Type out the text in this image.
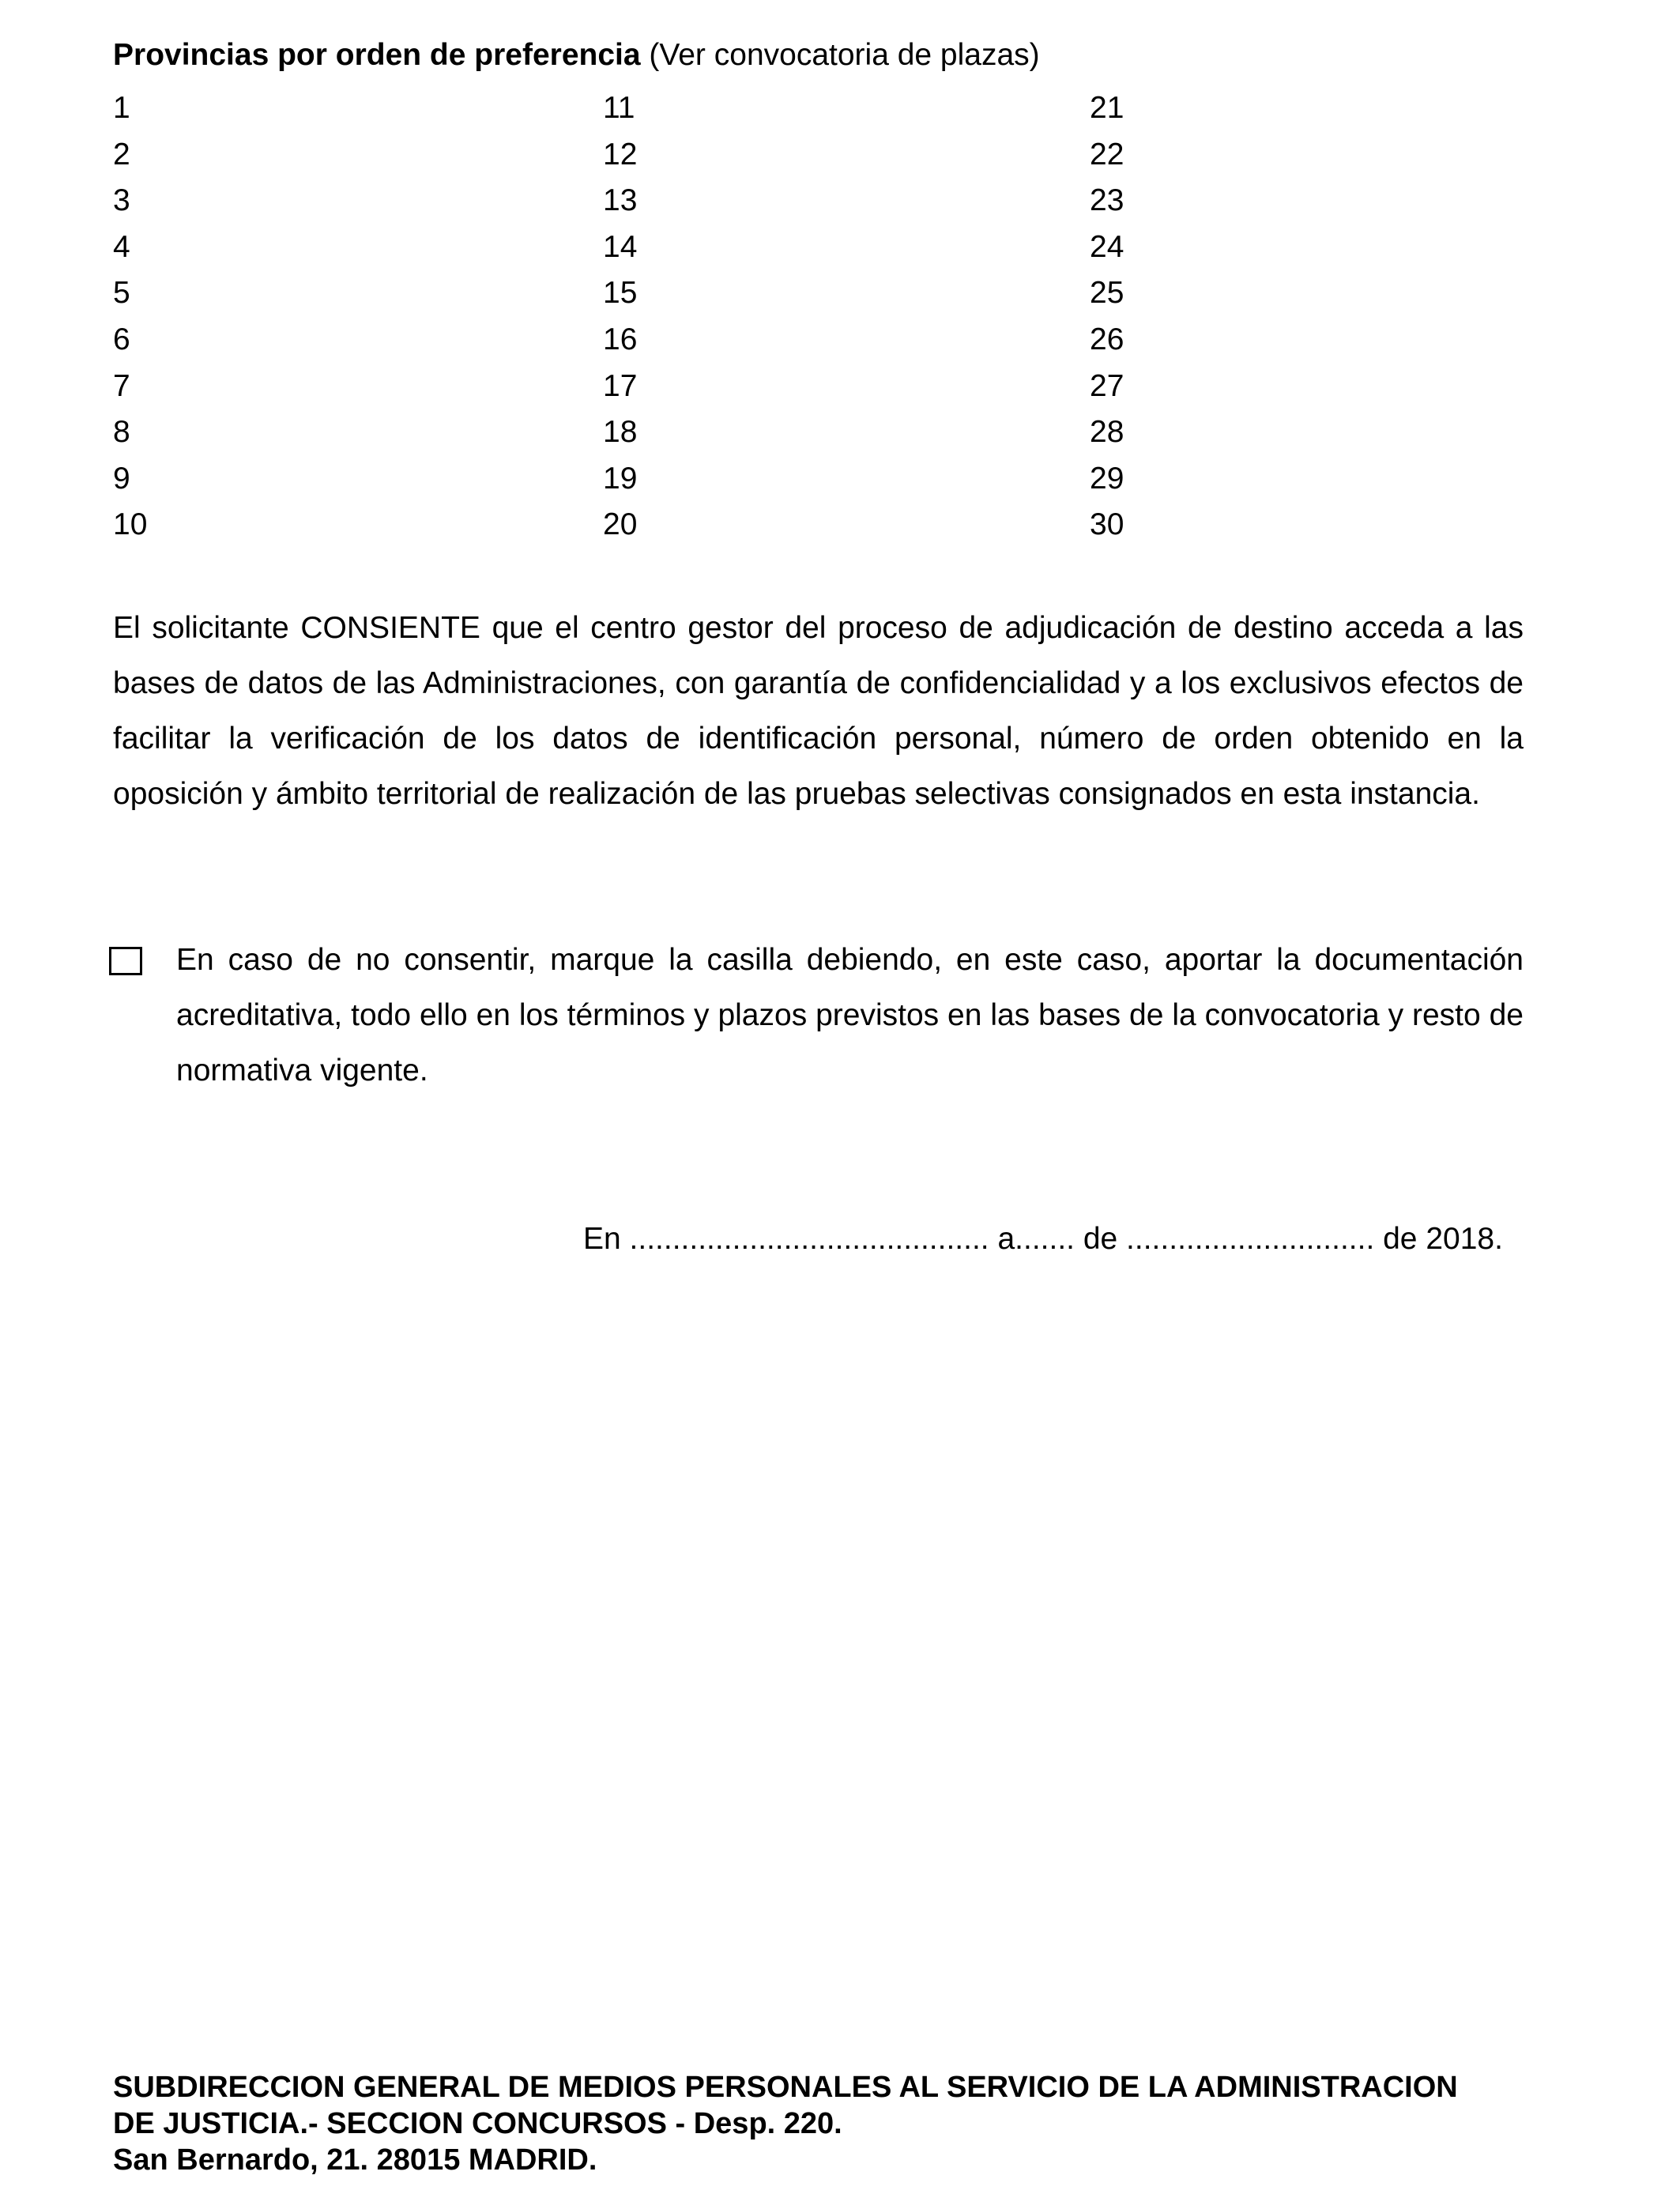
Provincias por orden de preferencia (Ver convocatoria de plazas)
1
2
3
4
5
6
7
8
9
10
11
12
13
14
15
16
17
18
19
20
21
22
23
24
25
26
27
28
29
30
El solicitante CONSIENTE que el centro gestor del proceso de adjudicación de destino acceda a las bases de datos de las Administraciones, con garantía de confidencialidad y a los exclusivos efectos de facilitar la verificación de los datos de identificación personal, número de orden obtenido en la oposición y ámbito territorial de realización de las pruebas selectivas consignados en esta instancia.
En caso de no consentir, marque la casilla debiendo, en este caso, aportar la documentación acreditativa, todo ello en los términos y plazos previstos en las bases de la convocatoria y resto de normativa vigente.
En .......................................... a....... de ............................. de 2018.
SUBDIRECCION GENERAL DE MEDIOS PERSONALES AL SERVICIO DE LA ADMINISTRACION
DE JUSTICIA.- SECCION CONCURSOS - Desp. 220.
San Bernardo, 21. 28015 MADRID.
